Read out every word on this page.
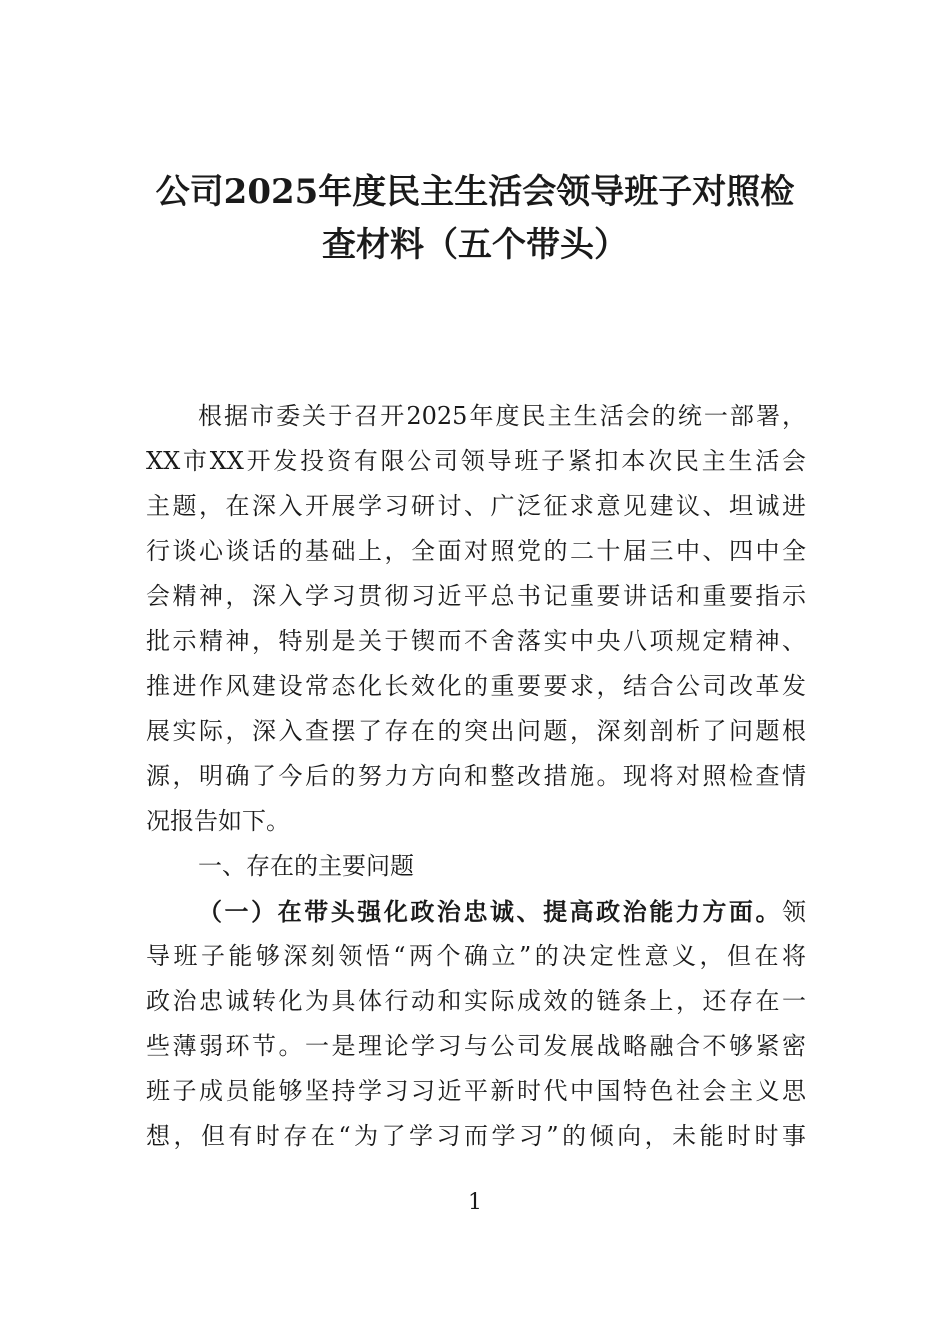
公司2025年度民主生活会领导班子对照检
查材料（五个带头）
根据市委关于召开2025年度民主生活会的统一部署，
XX市XX开发投资有限公司领导班子紧扣本次民主生活会
主题，在深入开展学习研讨、广泛征求意见建议、坦诚进
行谈心谈话的基础上，全面对照党的二十届三中、四中全
会精神，深入学习贯彻习近平总书记重要讲话和重要指示
批示精神，特别是关于锲而不舍落实中央八项规定精神、
推进作风建设常态化长效化的重要要求，结合公司改革发
展实际，深入查摆了存在的突出问题，深刻剖析了问题根
源，明确了今后的努力方向和整改措施。现将对照检查情
况报告如下。
一、存在的主要问题
（一）在带头强化政治忠诚、提高政治能力方面。领
导班子能够深刻领悟“两个确立”的决定性意义，但在将
政治忠诚转化为具体行动和实际成效的链条上，还存在一
些薄弱环节。一是理论学习与公司发展战略融合不够紧密
班子成员能够坚持学习习近平新时代中国特色社会主义思
想，但有时存在“为了学习而学习”的倾向，未能时时事
1
